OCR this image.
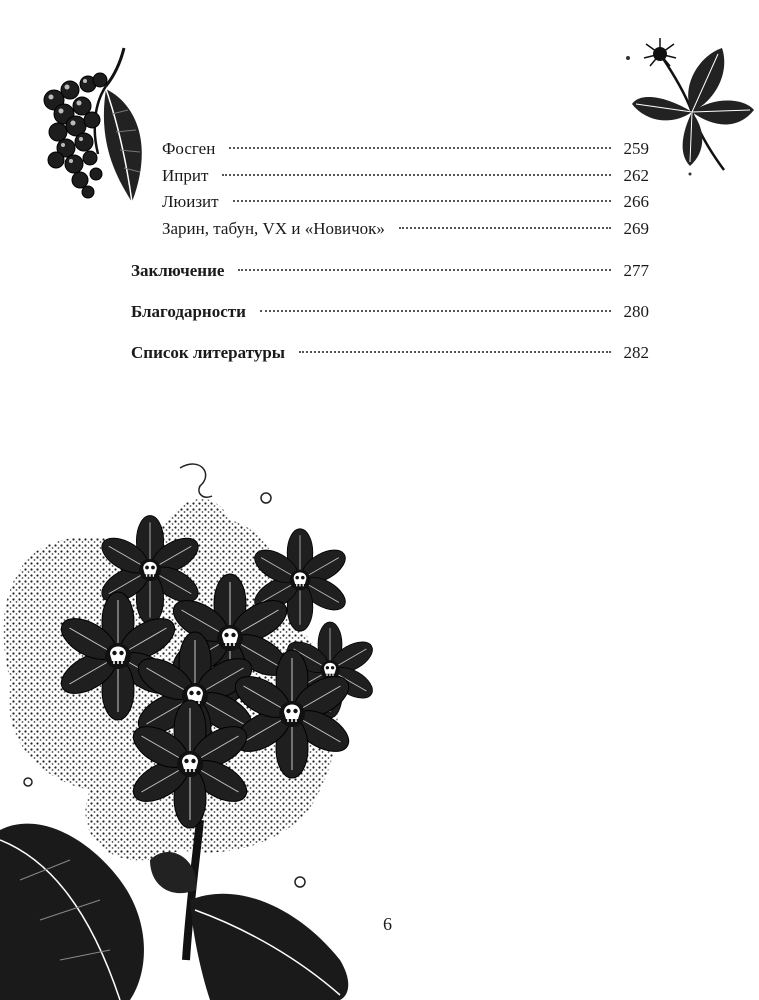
Фосген	259
Иприт	262
Люизит	266
Зарин, табун, VX и «Новичок»	269
Заключение	277
Благодарности	280
Список литературы	282
6
